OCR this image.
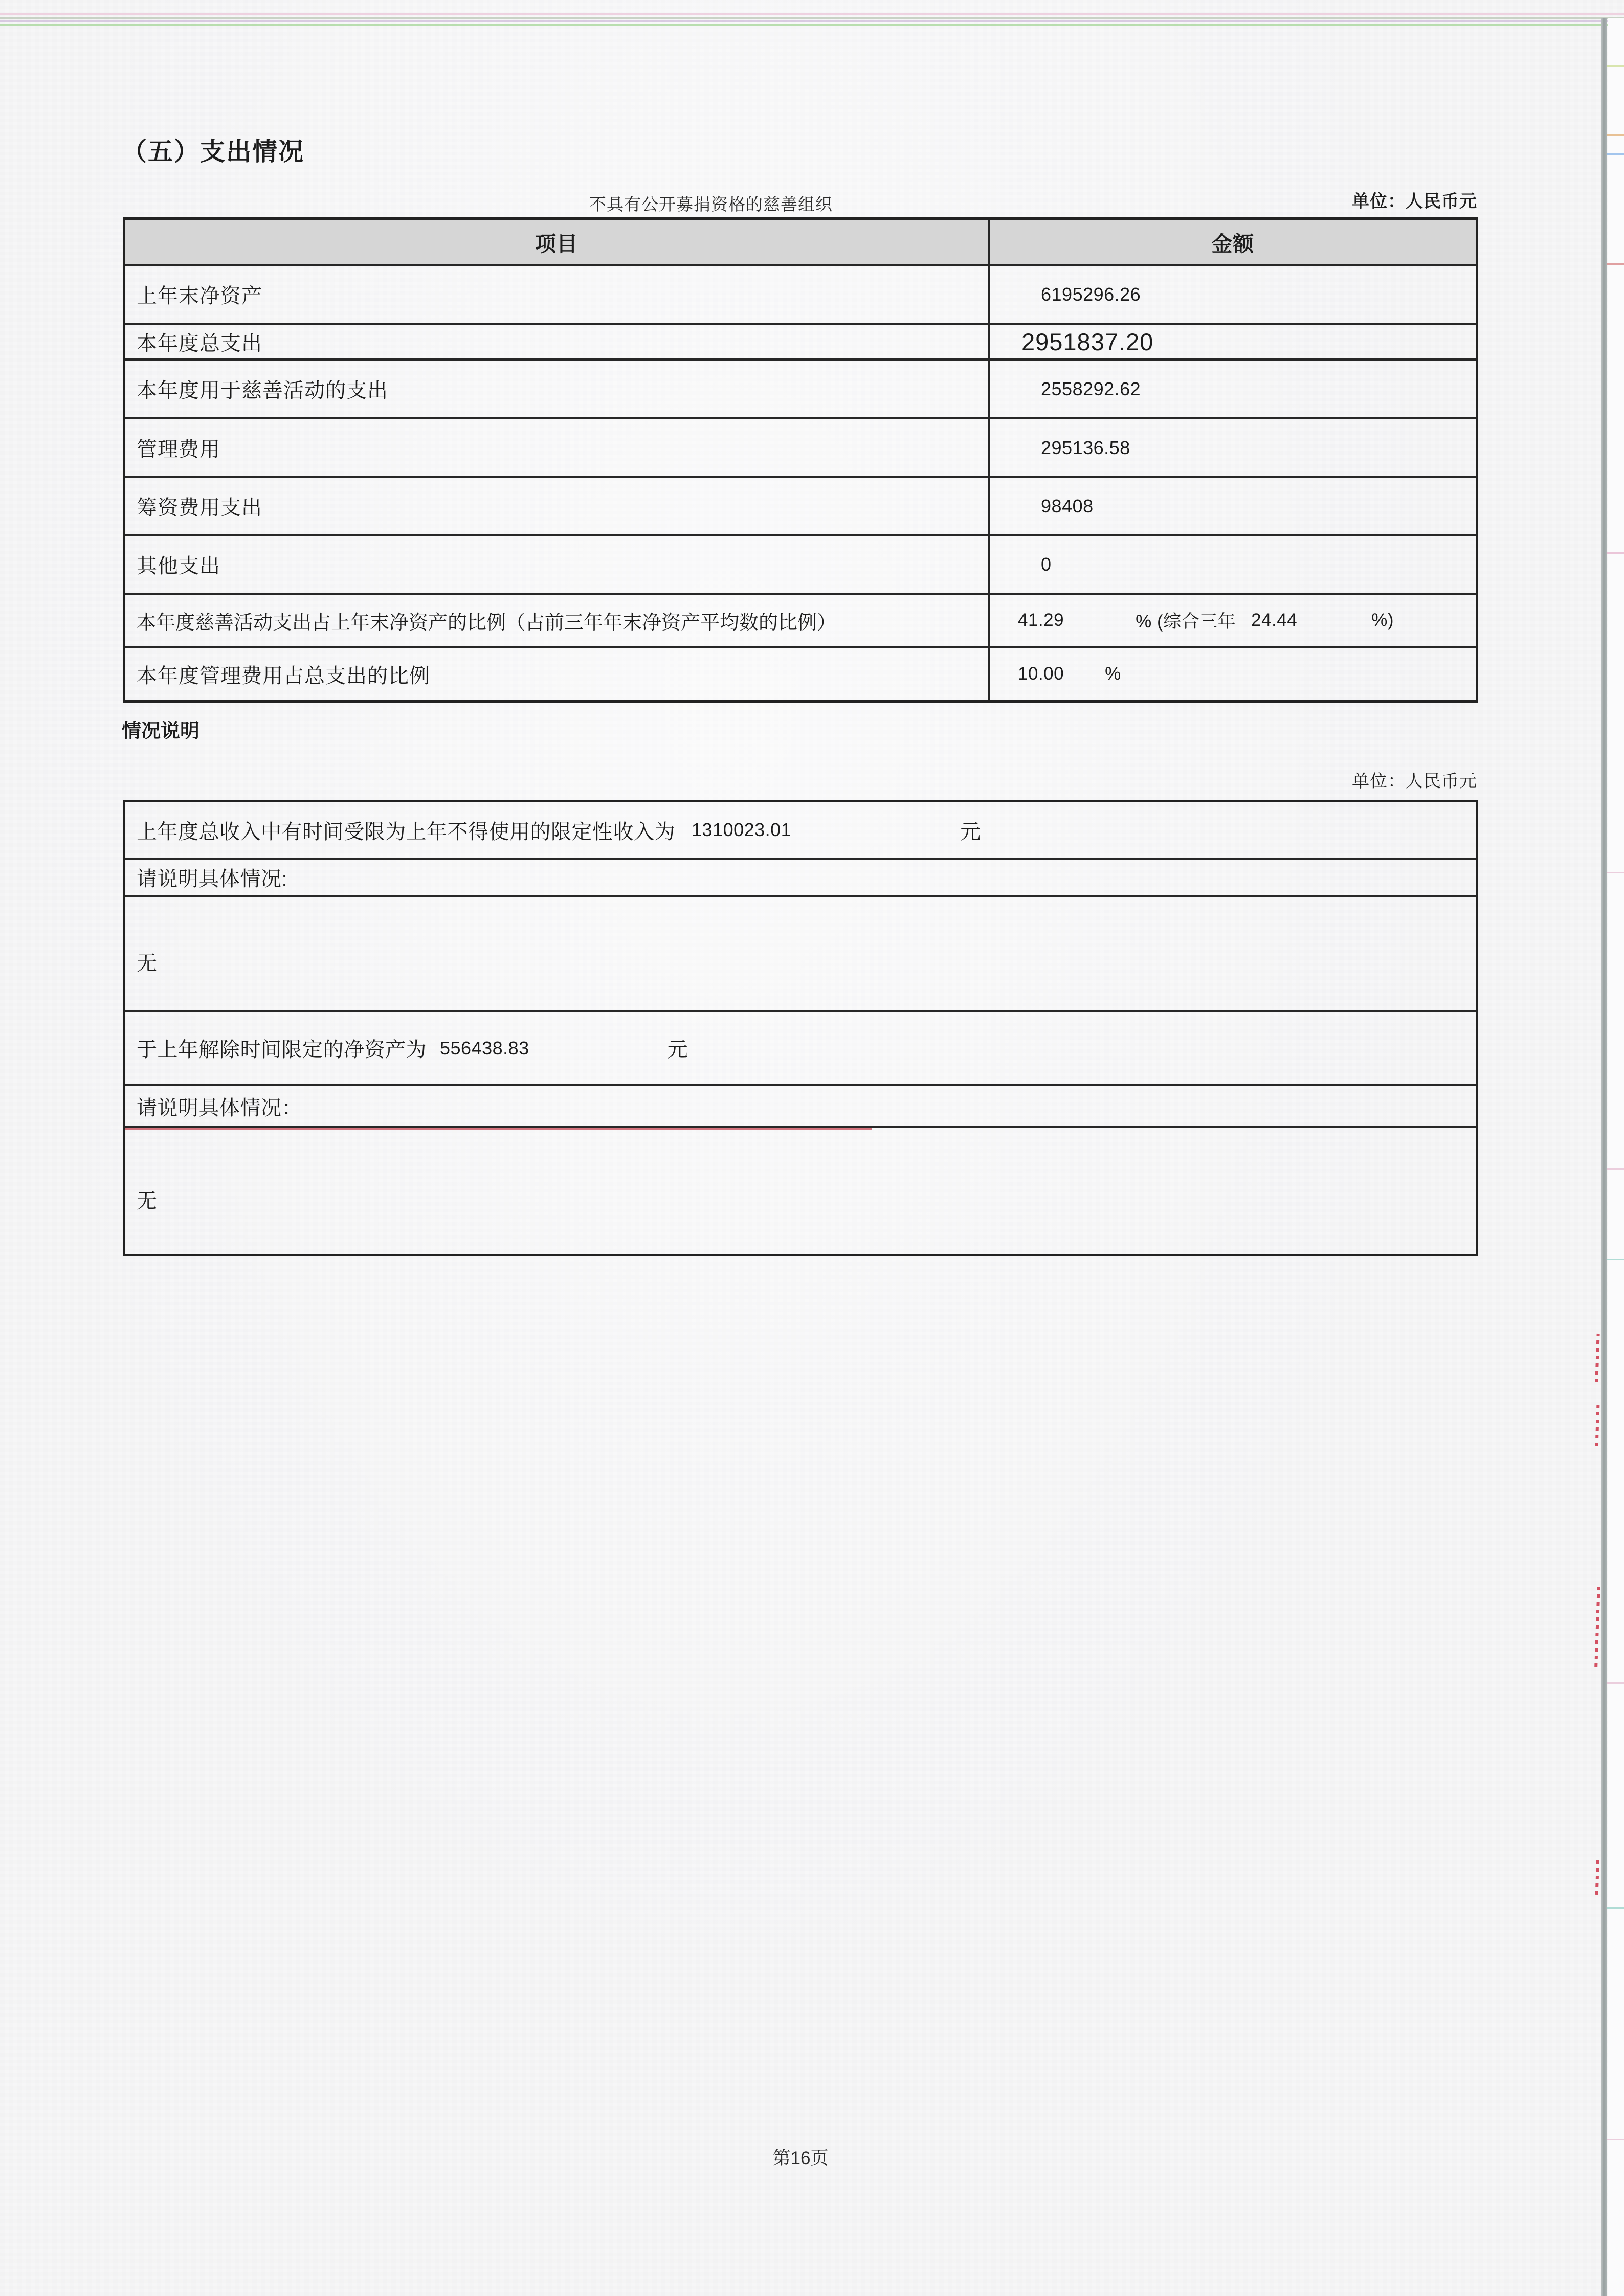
（五）支出情况
不具有公开募捐资格的慈善组织	单位：人民币元
项目	金额
上年末净资产	6195296.26
本年度总支出	2951837.20
本年度用于慈善活动的支出	2558292.62
管理费用	295136.58
筹资费用支出	98408
其他支出	0
本年度慈善活动支出占上年末净资产的比例（占前三年年末净资产平均数的比例）	41.29	% (综合三年 24.44	%)
本年度管理费用占总支出的比例	10.00 %
情况说明
单位：人民币元
上年度总收入中有时间受限为上年不得使用的限定性收入为 1310023.01	元
请说明具体情况:
无
于上年解除时间限定的净资产为 556438.83	元
请说明具体情况：
无
第16页
